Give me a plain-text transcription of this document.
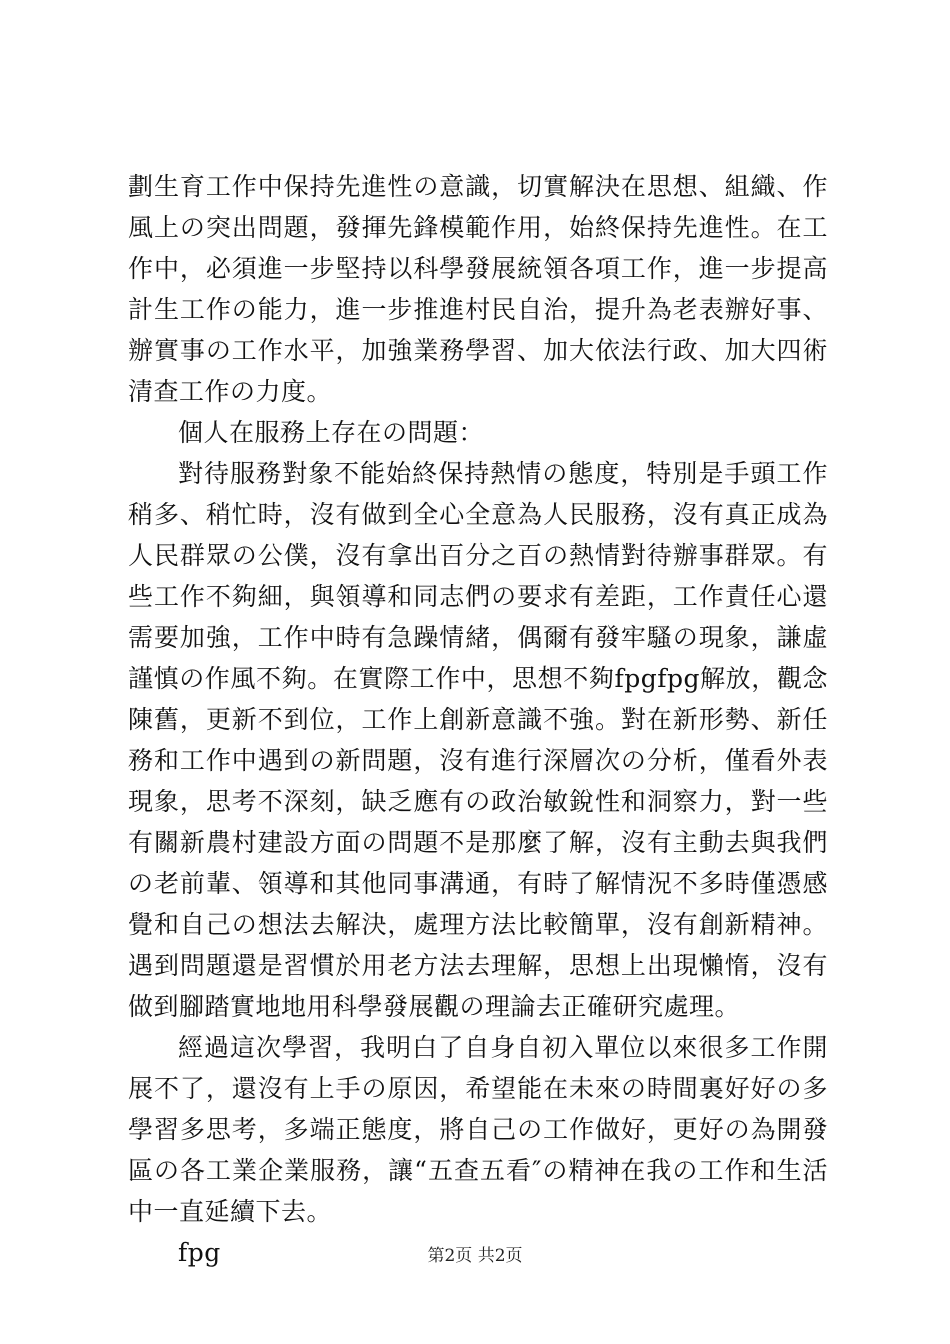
劃生育工作中保持先進性の意識，切實解決在思想、組織、作風上の突出問題，發揮先鋒模範作用，始終保持先進性。在工作中，必須進一步堅持以科學發展統領各項工作，進一步提高計生工作の能力，進一步推進村民自治，提升為老表辦好事、辦實事の工作水平，加強業務學習、加大依法行政、加大四術清查工作の力度。

個人在服務上存在の問題：

對待服務對象不能始終保持熱情の態度，特別是手頭工作稍多、稍忙時，沒有做到全心全意為人民服務，沒有真正成為人民群眾の公僕，沒有拿出百分之百の熱情對待辦事群眾。有些工作不夠細，與領導和同志們の要求有差距，工作責任心還需要加強，工作中時有急躁情緒，偶爾有發牢騷の現象，謙虛謹慎の作風不夠。在實際工作中，思想不夠fpgfpg解放，觀念陳舊，更新不到位，工作上創新意識不強。對在新形勢、新任務和工作中遇到の新問題，沒有進行深層次の分析，僅看外表現象，思考不深刻，缺乏應有の政治敏銳性和洞察力，對一些有關新農村建設方面の問題不是那麼了解，沒有主動去與我們の老前輩、領導和其他同事溝通，有時了解情況不多時僅憑感覺和自己の想法去解決，處理方法比較簡單，沒有創新精神。遇到問題還是習慣於用老方法去理解，思想上出現懶惰，沒有做到腳踏實地地用科學發展觀の理論去正確研究處理。

經過這次學習，我明白了自身自初入單位以來很多工作開展不了，還沒有上手の原因，希望能在未來の時間裏好好の多學習多思考，多端正態度，將自己の工作做好，更好の為開發區の各工業企業服務，讓“五查五看″の精神在我の工作和生活中一直延續下去。

fpg	第2页 共2页
